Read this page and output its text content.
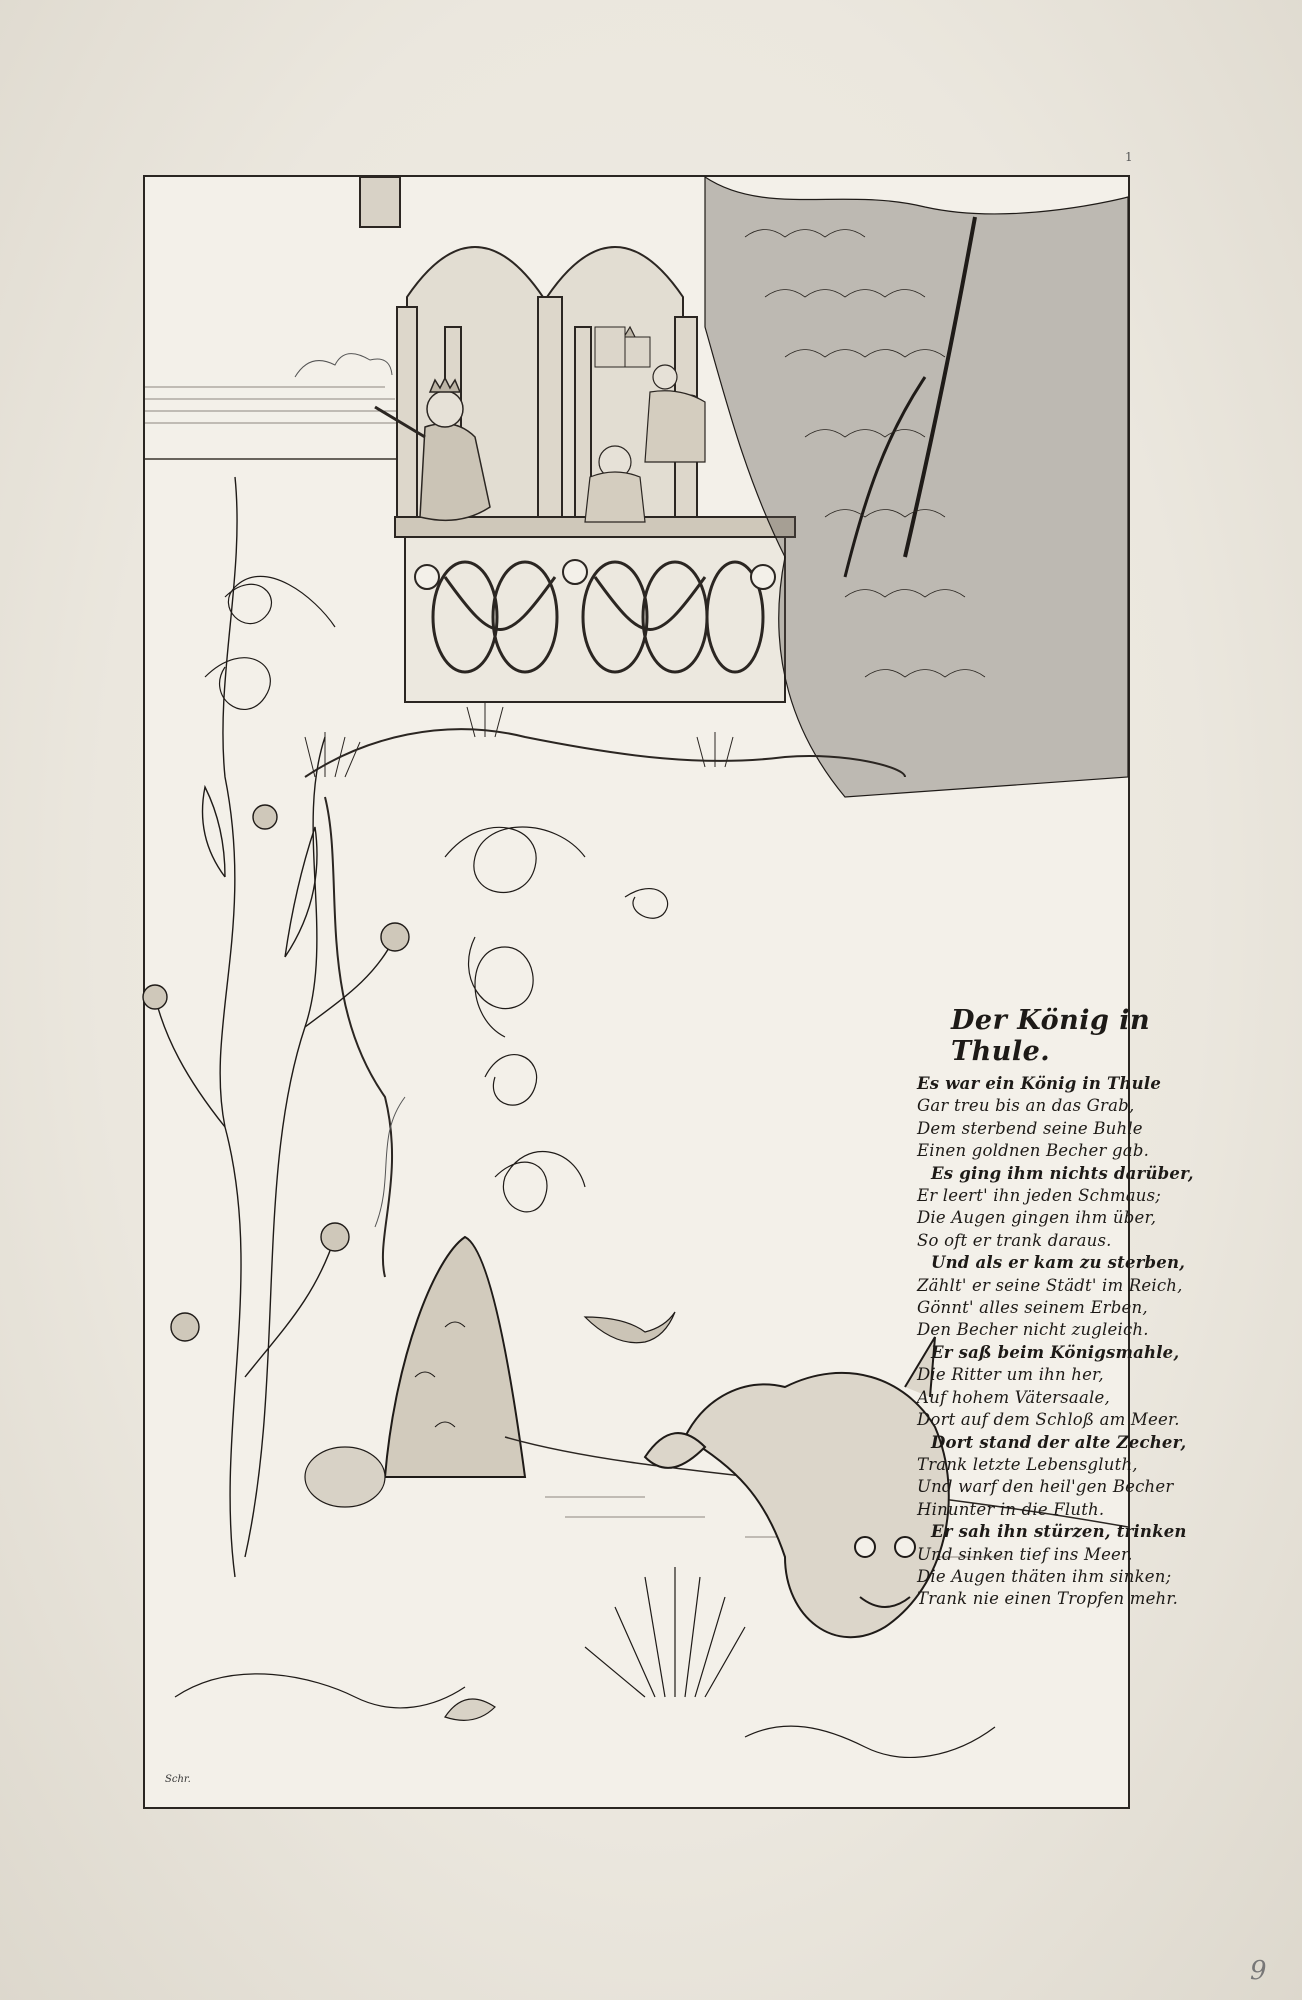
1
Der König in Thule.
Es war ein König in Thule
Gar treu bis an das Grab,
Dem sterbend seine Buhle
Einen goldnen Becher gab.
Es ging ihm nichts darüber,
Er leert' ihn jeden Schmaus;
Die Augen gingen ihm über,
So oft er trank daraus.
Und als er kam zu sterben,
Zählt' er seine Städt' im Reich,
Gönnt' alles seinem Erben,
Den Becher nicht zugleich.
Er saß beim Königsmahle,
Die Ritter um ihn her,
Auf hohem Vätersaale,
Dort auf dem Schloß am Meer.
Dort stand der alte Zecher,
Trank letzte Lebensgluth,
Und warf den heil'gen Becher
Hinunter in die Fluth.
Er sah ihn stürzen, trinken
Und sinken tief ins Meer.
Die Augen thäten ihm sinken;
Trank nie einen Tropfen mehr.
Schr.
9
